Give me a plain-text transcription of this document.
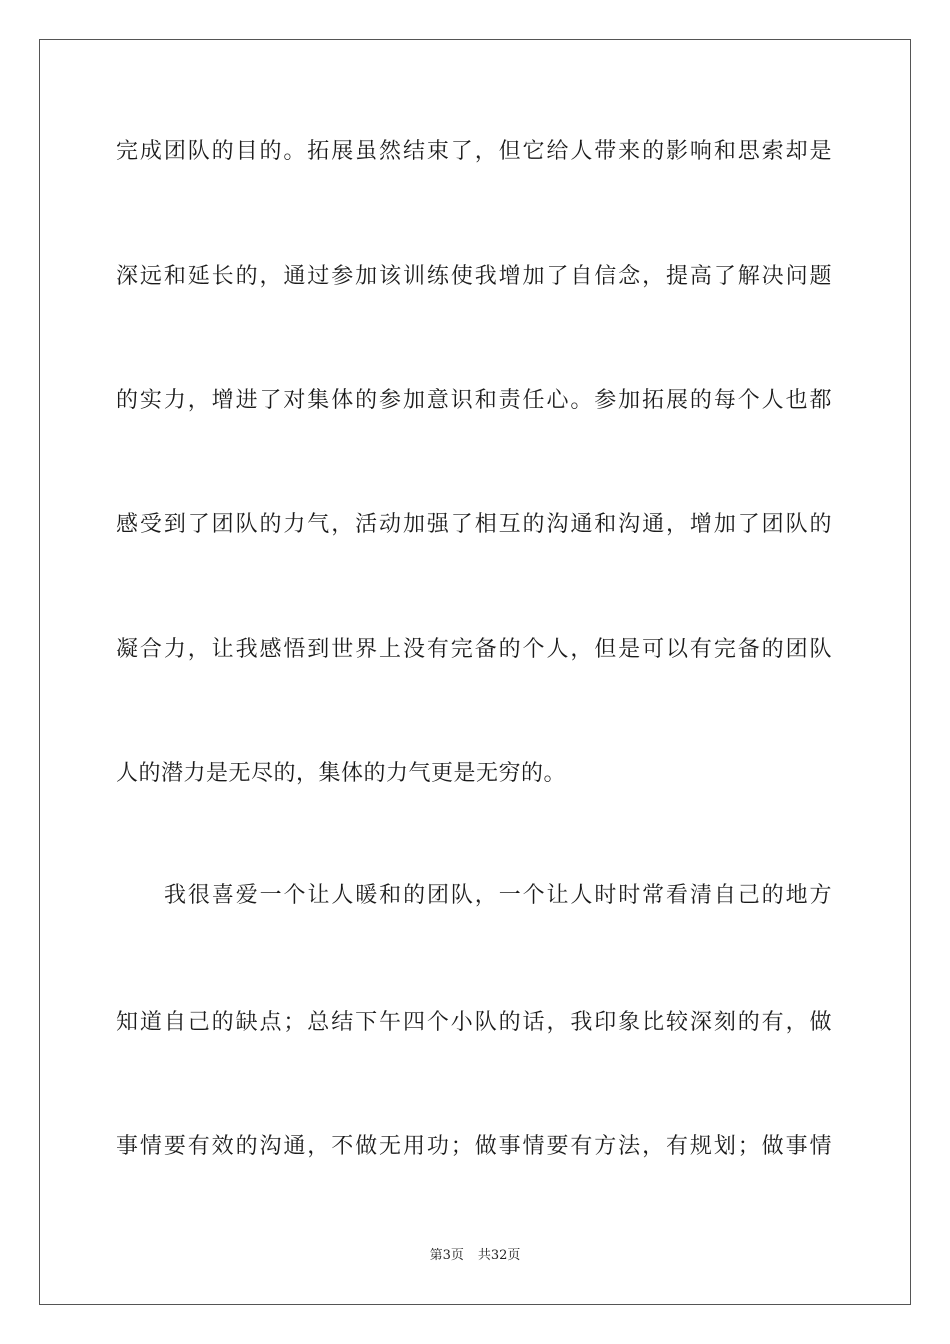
完成团队的目的。拓展虽然结束了，但它给人带来的影响和思索却是
深远和延长的，通过参加该训练使我增加了自信念，提高了解决问题
的实力，增进了对集体的参加意识和责任心。参加拓展的每个人也都
感受到了团队的力气，活动加强了相互的沟通和沟通，增加了团队的
凝合力，让我感悟到世界上没有完备的个人，但是可以有完备的团队
人的潜力是无尽的，集体的力气更是无穷的。
我很喜爱一个让人暖和的团队，一个让人时时常看清自己的地方
知道自己的缺点；总结下午四个小队的话，我印象比较深刻的有，做
事情要有效的沟通，不做无用功；做事情要有方法，有规划；做事情
第3页 共32页
